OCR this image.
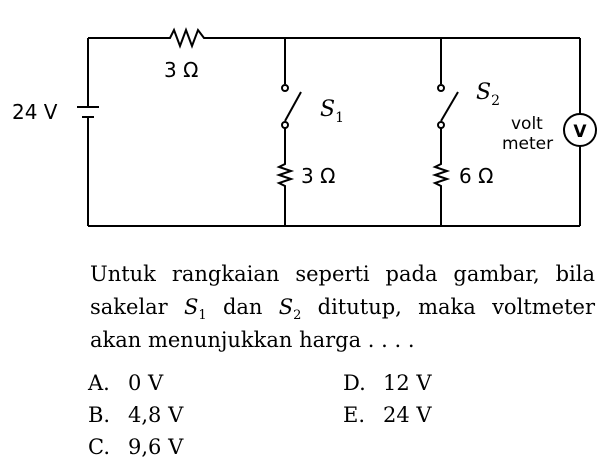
V
24 V
3 Ω
$S_1$
$S_2$
3 Ω	6 Ω
volt
meter
Untuk rangkaian seperti pada gambar, bila sakelar $S_1$ dan $S_2$ ditutup, maka voltmeter akan menunjukkan harga . . . .
A. 0 V
B. 4,8 V
C. 9,6 V
D. 12 V
E. 24 V
